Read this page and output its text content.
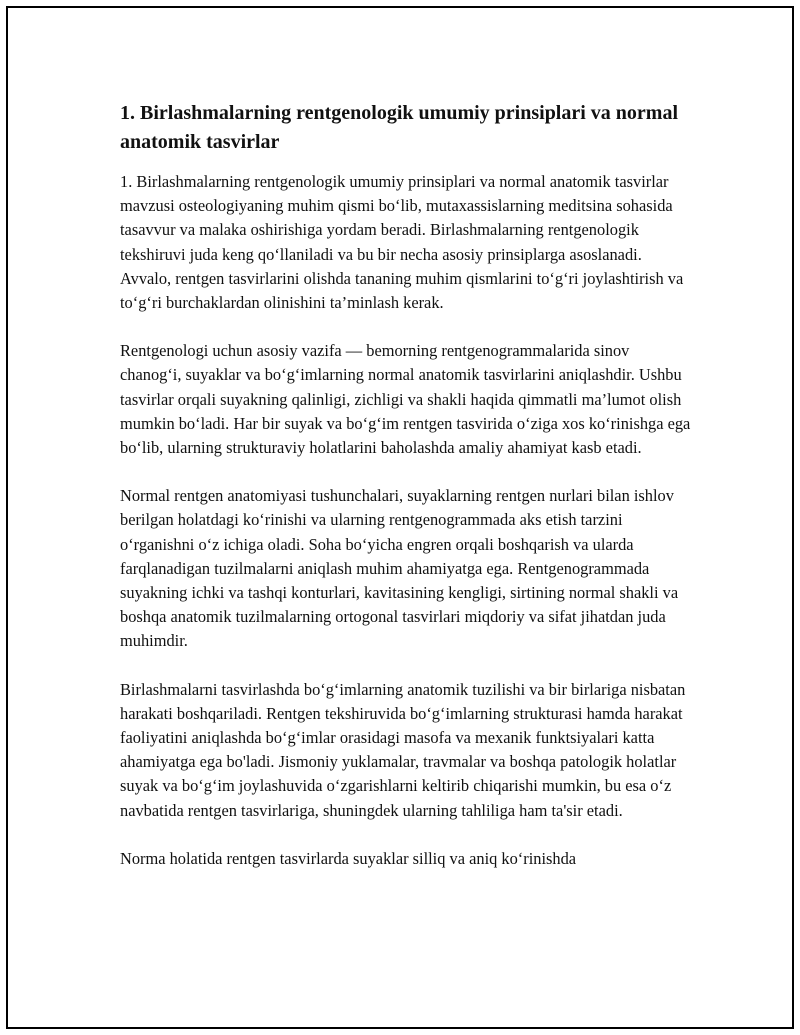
1. Birlashmalarning rentgenologik umumiy prinsiplari va normal anatomik tasvirlar

1. Birlashmalarning rentgenologik umumiy prinsiplari va normal anatomik tasvirlar mavzusi osteologiyaning muhim qismi bo‘lib, mutaxassislarning meditsina sohasida tasavvur va malaka oshirishiga yordam beradi. Birlashmalarning rentgenologik tekshiruvi juda keng qo‘llaniladi va bu bir necha asosiy prinsiplarga asoslanadi. Avvalo, rentgen tasvirlarini olishda tananing muhim qismlarini to‘g‘ri joylashtirish va to‘g‘ri burchaklardan olinishini ta’minlash kerak.

Rentgenologi uchun asosiy vazifa — bemorning rentgenogrammalarida sinov chanog‘i, suyaklar va bo‘g‘imlarning normal anatomik tasvirlarini aniqlashdir. Ushbu tasvirlar orqali suyakning qalinligi, zichligi va shakli haqida qimmatli ma’lumot olish mumkin bo‘ladi. Har bir suyak va bo‘g‘im rentgen tasvirida o‘ziga xos ko‘rinishga ega bo‘lib, ularning strukturaviy holatlarini baholashda amaliy ahamiyat kasb etadi.

Normal rentgen anatomiyasi tushunchalari, suyaklarning rentgen nurlari bilan ishlov berilgan holatdagi ko‘rinishi va ularning rentgenogrammada aks etish tarzini o‘rganishni o‘z ichiga oladi. Soha bo‘yicha engren orqali boshqarish va ularda farqlanadigan tuzilmalarni aniqlash muhim ahamiyatga ega. Rentgenogrammada suyakning ichki va tashqi konturlari, kavitasining kengligi, sirtining normal shakli va boshqa anatomik tuzilmalarning ortogonal tasvirlari miqdoriy va sifat jihatdan juda muhimdir.

Birlashmalarni tasvirlashda bo‘g‘imlarning anatomik tuzilishi va bir birlariga nisbatan harakati boshqariladi. Rentgen tekshiruvida bo‘g‘imlarning strukturasi hamda harakat faoliyatini aniqlashda bo‘g‘imlar orasidagi masofa va mexanik funktsiyalari katta ahamiyatga ega bo'ladi. Jismoniy yuklamalar, travmalar va boshqa patologik holatlar suyak va bo‘g‘im joylashuvida o‘zgarishlarni keltirib chiqarishi mumkin, bu esa o‘z navbatida rentgen tasvirlariga, shuningdek ularning tahliliga ham ta'sir etadi.

Norma holatida rentgen tasvirlarda suyaklar silliq va aniq ko‘rinishda
